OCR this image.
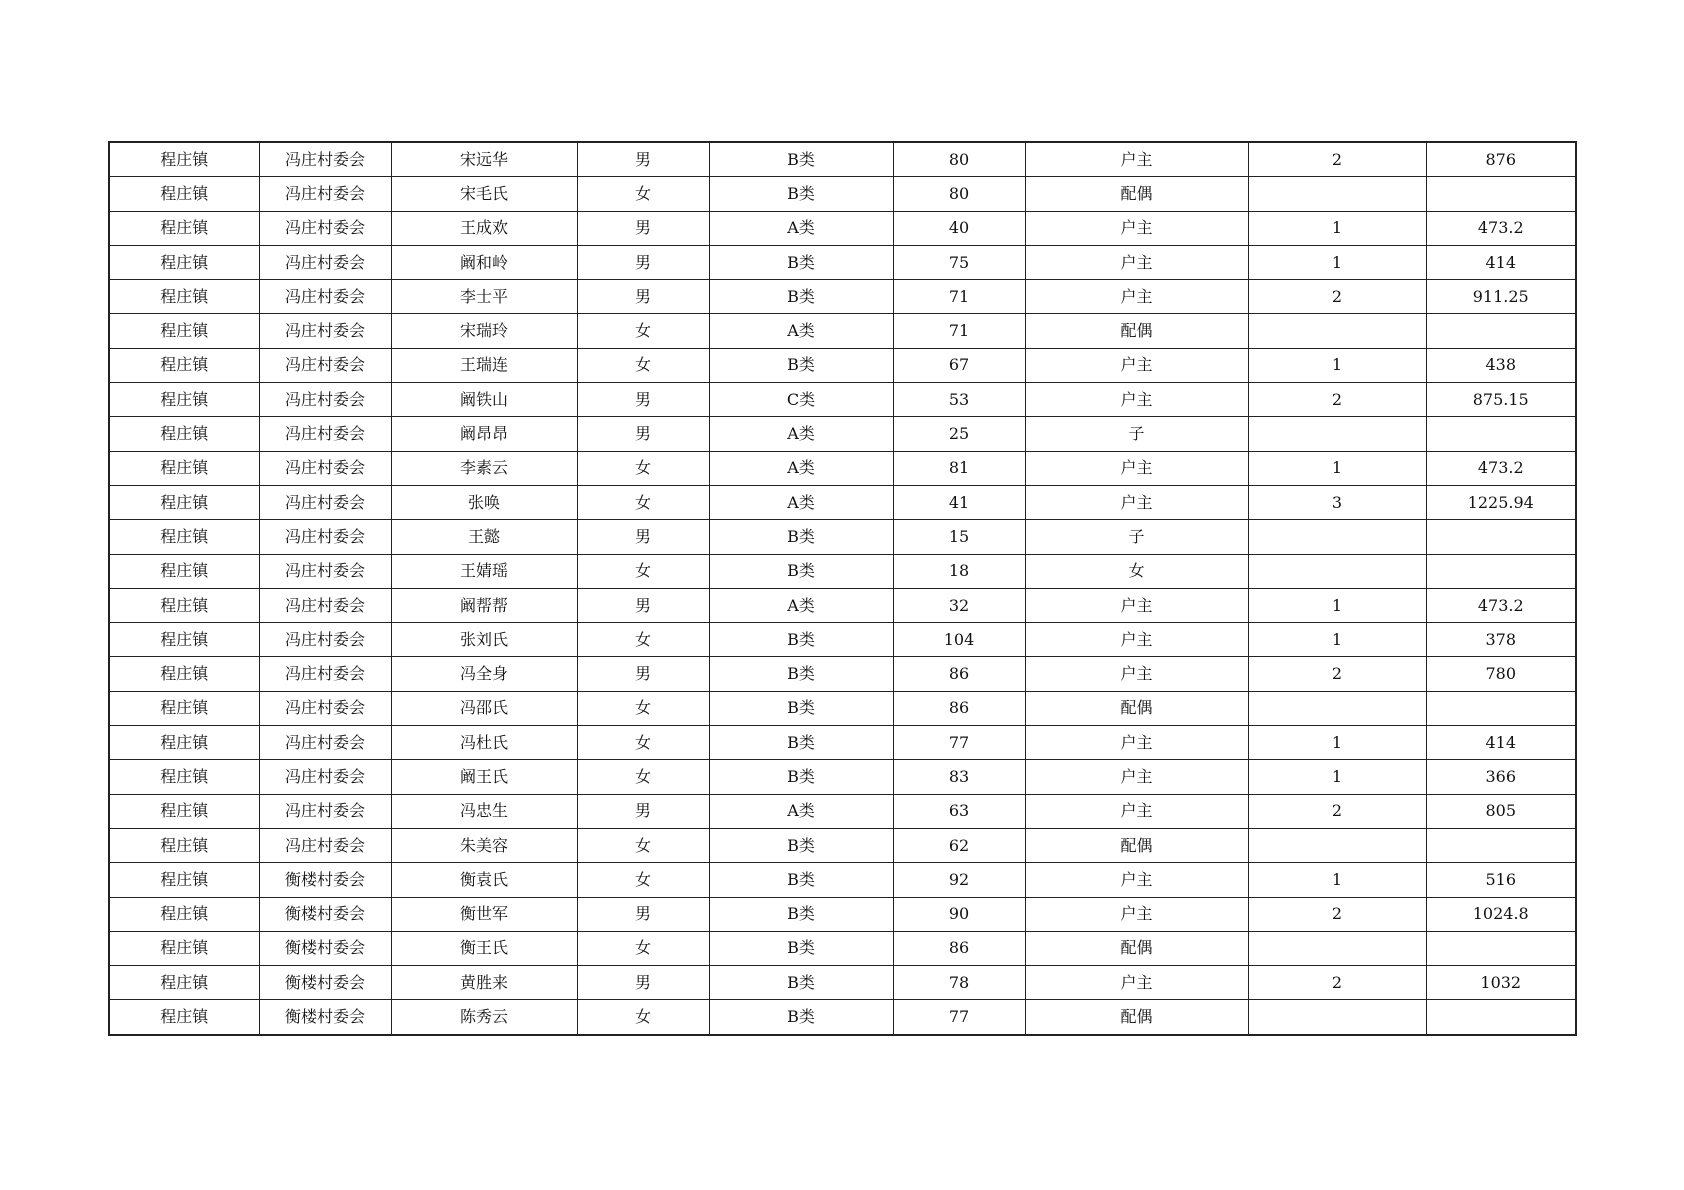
程庄镇	冯庄村委会	宋远华	男	B类	80	户主	2	876
程庄镇	冯庄村委会	宋毛氏	女	B类	80	配偶		
程庄镇	冯庄村委会	王成欢	男	A类	40	户主	1	473.2
程庄镇	冯庄村委会	阚和岭	男	B类	75	户主	1	414
程庄镇	冯庄村委会	李士平	男	B类	71	户主	2	911.25
程庄镇	冯庄村委会	宋瑞玲	女	A类	71	配偶		
程庄镇	冯庄村委会	王瑞连	女	B类	67	户主	1	438
程庄镇	冯庄村委会	阚铁山	男	C类	53	户主	2	875.15
程庄镇	冯庄村委会	阚昂昂	男	A类	25	子		
程庄镇	冯庄村委会	李素云	女	A类	81	户主	1	473.2
程庄镇	冯庄村委会	张唤	女	A类	41	户主	3	1225.94
程庄镇	冯庄村委会	王懿	男	B类	15	子		
程庄镇	冯庄村委会	王婧瑶	女	B类	18	女		
程庄镇	冯庄村委会	阚帮帮	男	A类	32	户主	1	473.2
程庄镇	冯庄村委会	张刘氏	女	B类	104	户主	1	378
程庄镇	冯庄村委会	冯全身	男	B类	86	户主	2	780
程庄镇	冯庄村委会	冯邵氏	女	B类	86	配偶		
程庄镇	冯庄村委会	冯杜氏	女	B类	77	户主	1	414
程庄镇	冯庄村委会	阚王氏	女	B类	83	户主	1	366
程庄镇	冯庄村委会	冯忠生	男	A类	63	户主	2	805
程庄镇	冯庄村委会	朱美容	女	B类	62	配偶		
程庄镇	衡楼村委会	衡袁氏	女	B类	92	户主	1	516
程庄镇	衡楼村委会	衡世军	男	B类	90	户主	2	1024.8
程庄镇	衡楼村委会	衡王氏	女	B类	86	配偶		
程庄镇	衡楼村委会	黄胜来	男	B类	78	户主	2	1032
程庄镇	衡楼村委会	陈秀云	女	B类	77	配偶		
